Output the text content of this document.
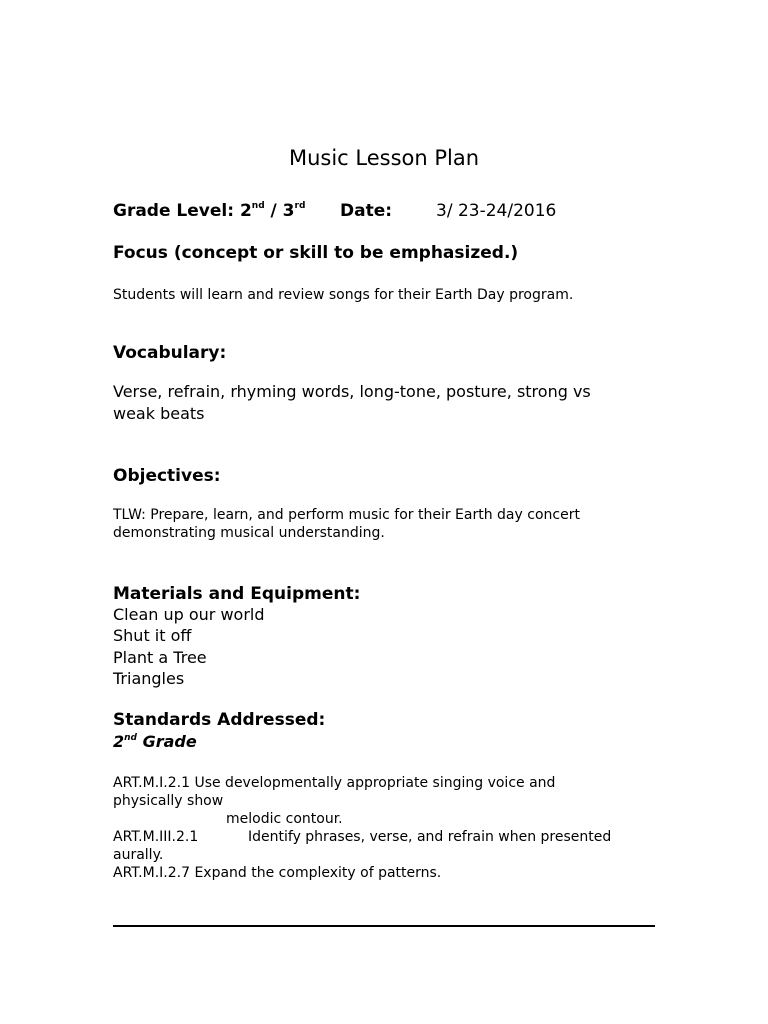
Music Lesson Plan
Grade Level: 2nd / 3rd Date:	3/ 23-24/2016
Focus (concept or skill to be emphasized.)
Students will learn and review songs for their Earth Day program.
Vocabulary:
Verse, refrain, rhyming words, long-tone, posture, strong vs
weak beats
Objectives:
TLW: Prepare, learn, and perform music for their Earth day concert
demonstrating musical understanding.
Materials and Equipment:
Clean up our world
Shut it off
Plant a Tree
Triangles
Standards Addressed:
2nd Grade
ART.M.I.2.1 Use developmentally appropriate singing voice and
physically show
melodic contour.
ART.M.III.2.1	Identify phrases, verse, and refrain when presented
aurally.
ART.M.I.2.7 Expand the complexity of patterns.
